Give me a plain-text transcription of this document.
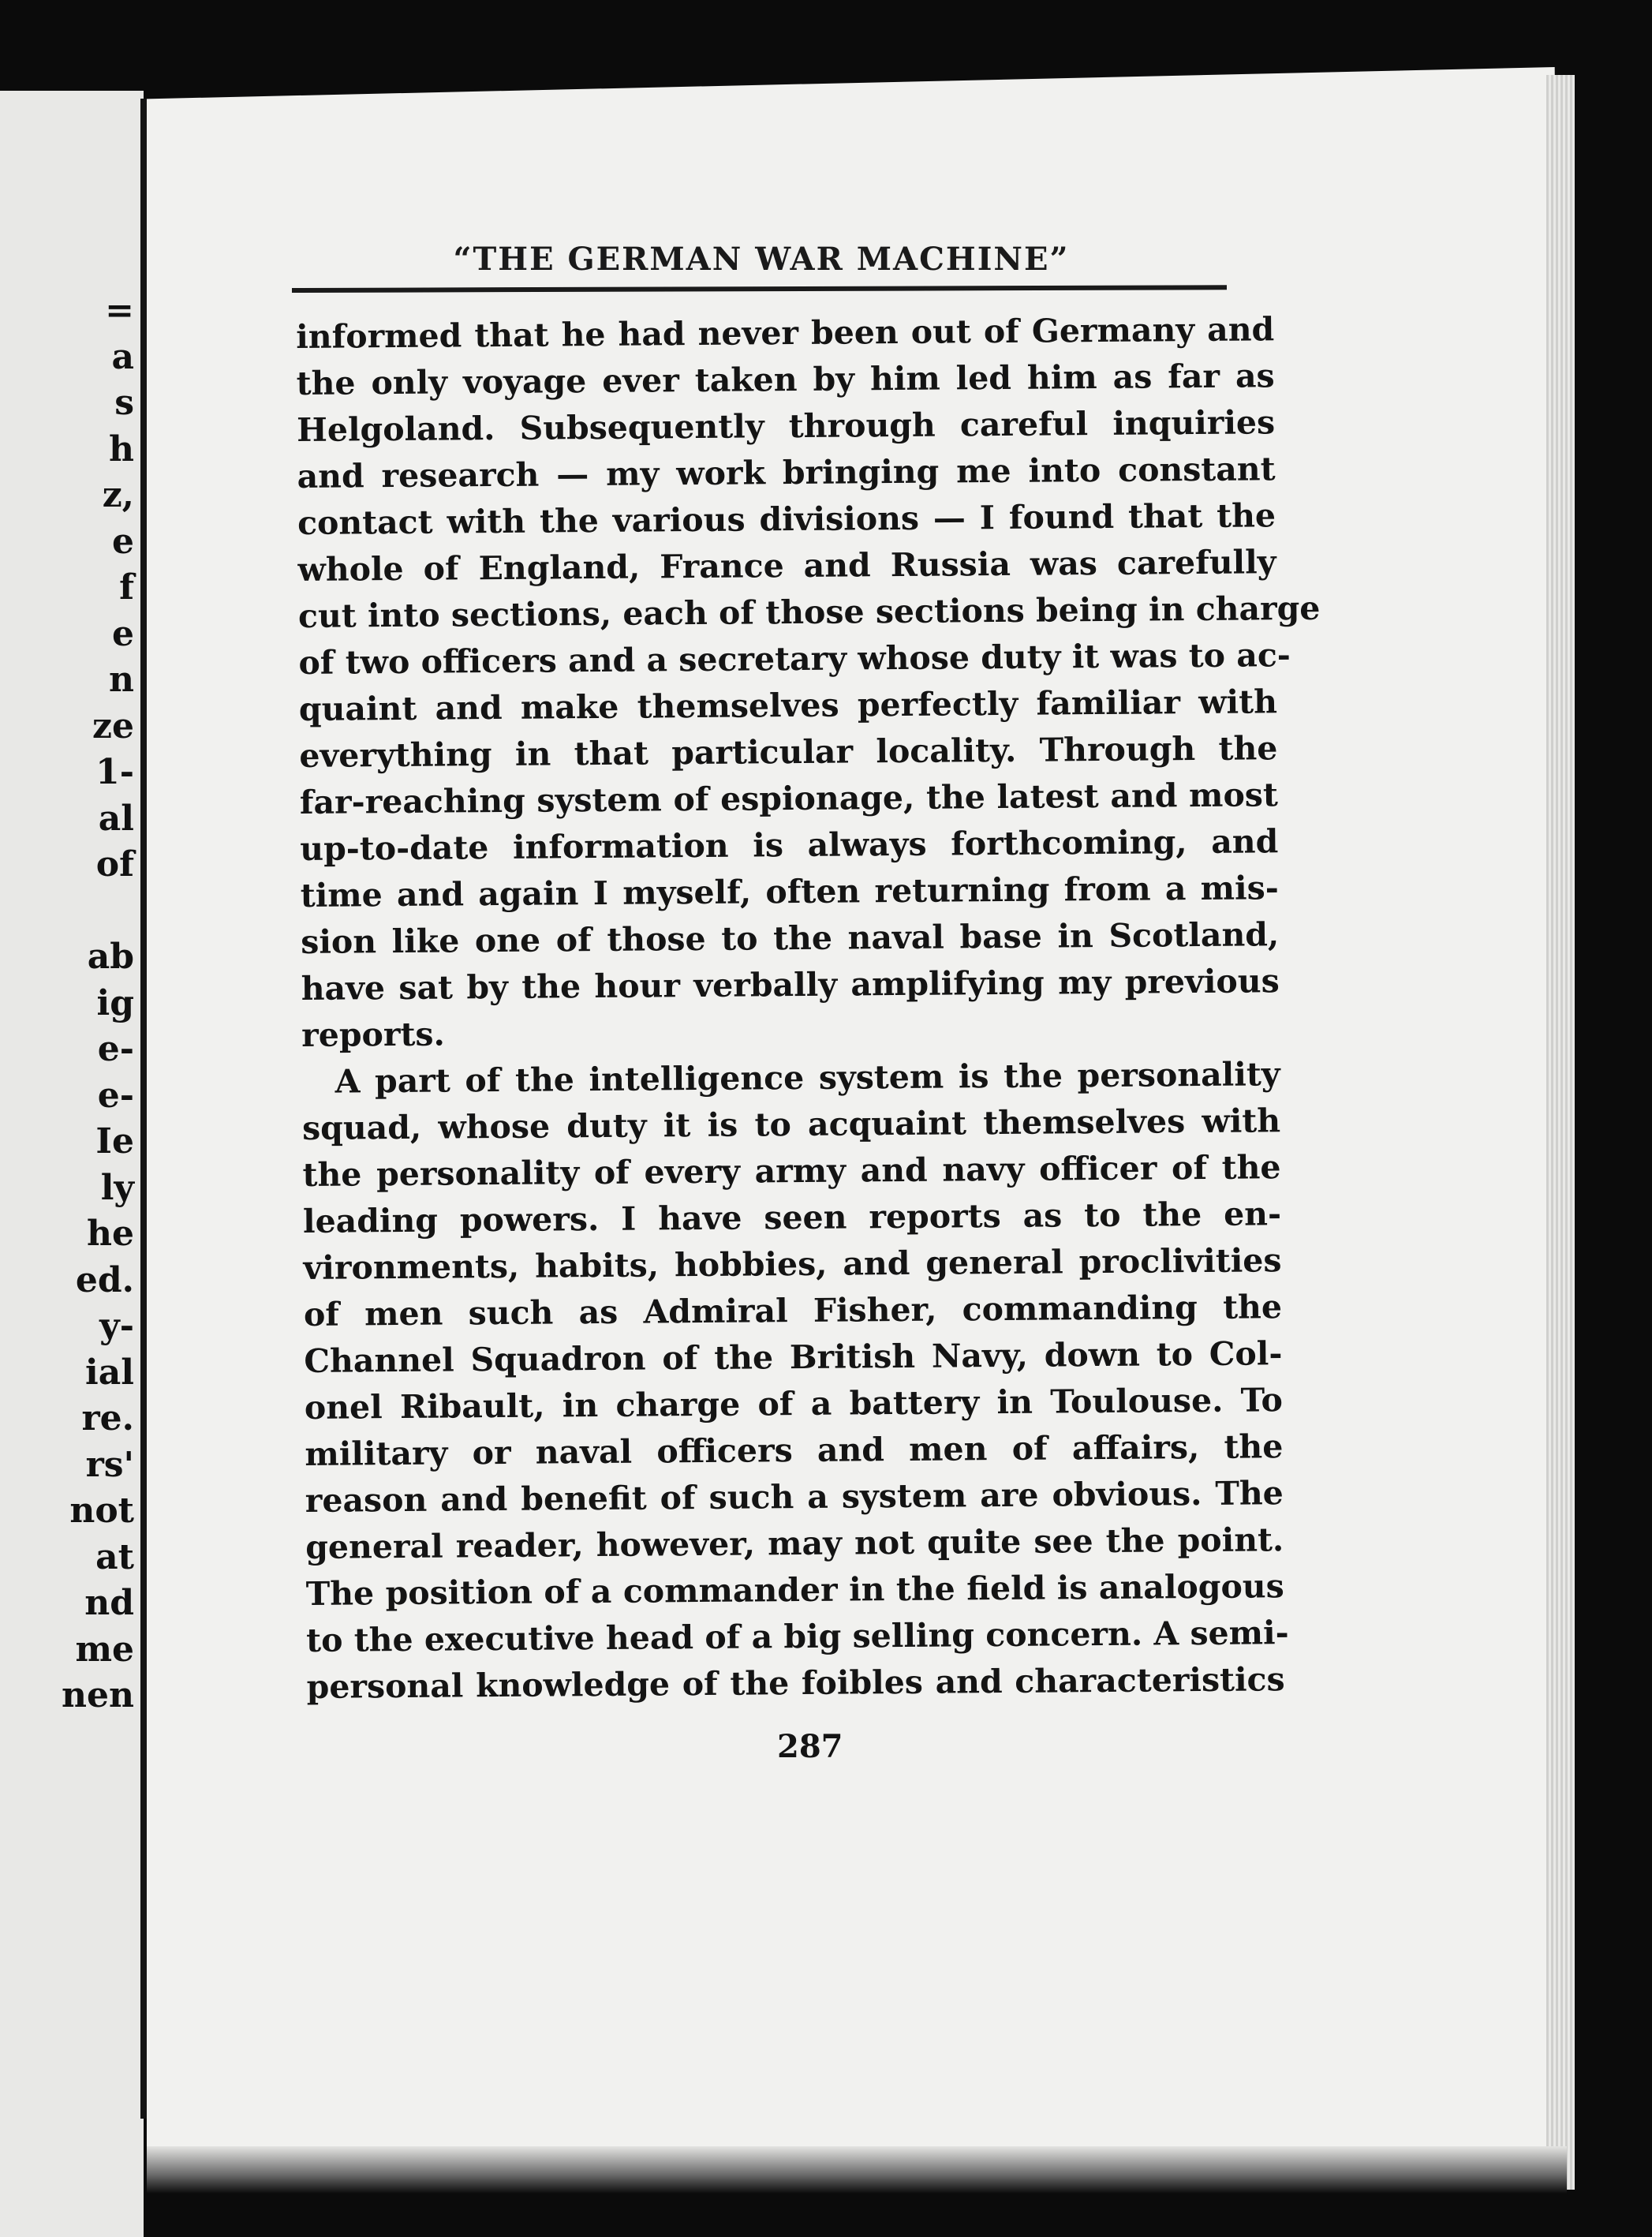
=
a
s
h
z,
e
f
e
n
ze
1-
al
of

ab
ig
e-
e-
Ie
ly
he
ed.
y-
ial
re.
rs'
not
at
nd
me
nen
“THE GERMAN WAR MACHINE”
informed that he had never been out of Germany and
the only voyage ever taken by him led him as far as
Helgoland. Subsequently through careful inquiries
and research — my work bringing me into constant
contact with the various divisions — I found that the
whole of England, France and Russia was carefully
cut into sections, each of those sections being in charge
of two officers and a secretary whose duty it was to ac-
quaint and make themselves perfectly familiar with
everything in that particular locality. Through the
far-reaching system of espionage, the latest and most
up-to-date information is always forthcoming, and
time and again I myself, often returning from a mis-
sion like one of those to the naval base in Scotland,
have sat by the hour verbally amplifying my previous
reports.
A part of the intelligence system is the personality
squad, whose duty it is to acquaint themselves with
the personality of every army and navy officer of the
leading powers. I have seen reports as to the en-
vironments, habits, hobbies, and general proclivities
of men such as Admiral Fisher, commanding the
Channel Squadron of the British Navy, down to Col-
onel Ribault, in charge of a battery in Toulouse. To
military or naval officers and men of affairs, the
reason and benefit of such a system are obvious. The
general reader, however, may not quite see the point.
The position of a commander in the field is analogous
to the executive head of a big selling concern. A semi-
personal knowledge of the foibles and characteristics
287
